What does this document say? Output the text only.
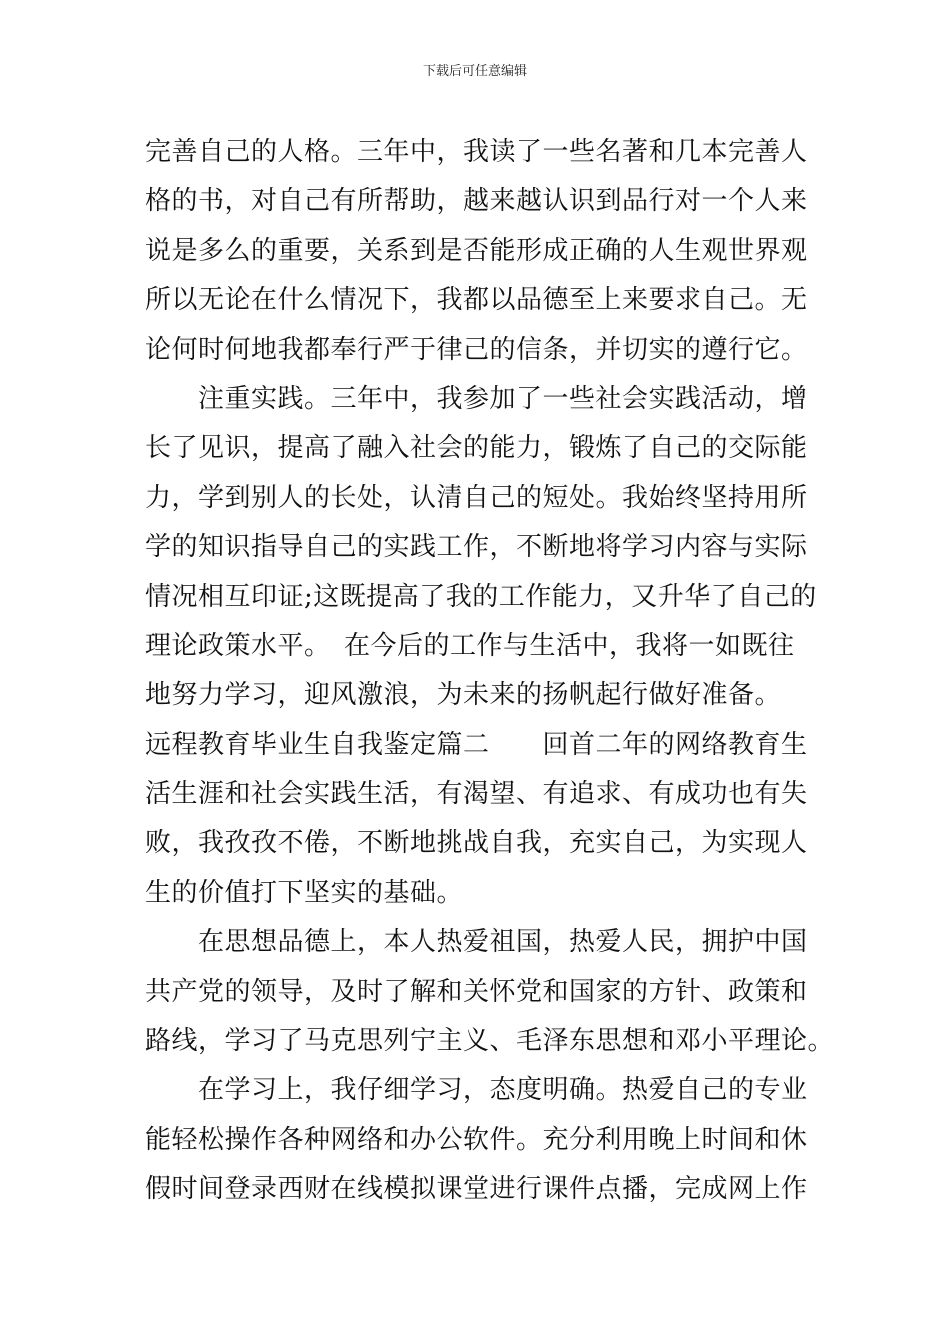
下载后可任意编辑
完善自己的人格。三年中，我读了一些名著和几本完善人
格的书，对自己有所帮助，越来越认识到品行对一个人来
说是多么的重要，关系到是否能形成正确的人生观世界观
所以无论在什么情况下，我都以品德至上来要求自己。无
论何时何地我都奉行严于律己的信条，并切实的遵行它。
　　注重实践。三年中，我参加了一些社会实践活动，增
长了见识，提高了融入社会的能力，锻炼了自己的交际能
力，学到别人的长处，认清自己的短处。我始终坚持用所
学的知识指导自己的实践工作，不断地将学习内容与实际
情况相互印证;这既提高了我的工作能力，又升华了自己的
理论政策水平。　在今后的工作与生活中，我将一如既往
地努力学习，迎风激浪，为未来的扬帆起行做好准备。
远程教育毕业生自我鉴定篇二　　回首二年的网络教育生
活生涯和社会实践生活，有渴望、有追求、有成功也有失
败，我孜孜不倦，不断地挑战自我，充实自己，为实现人
生的价值打下坚实的基础。
　　在思想品德上，本人热爱祖国，热爱人民，拥护中国
共产党的领导，及时了解和关怀党和国家的方针、政策和
路线，学习了马克思列宁主义、毛泽东思想和邓小平理论。
　　在学习上，我仔细学习，态度明确。热爱自己的专业
能轻松操作各种网络和办公软件。充分利用晚上时间和休
假时间登录西财在线模拟课堂进行课件点播，完成网上作
